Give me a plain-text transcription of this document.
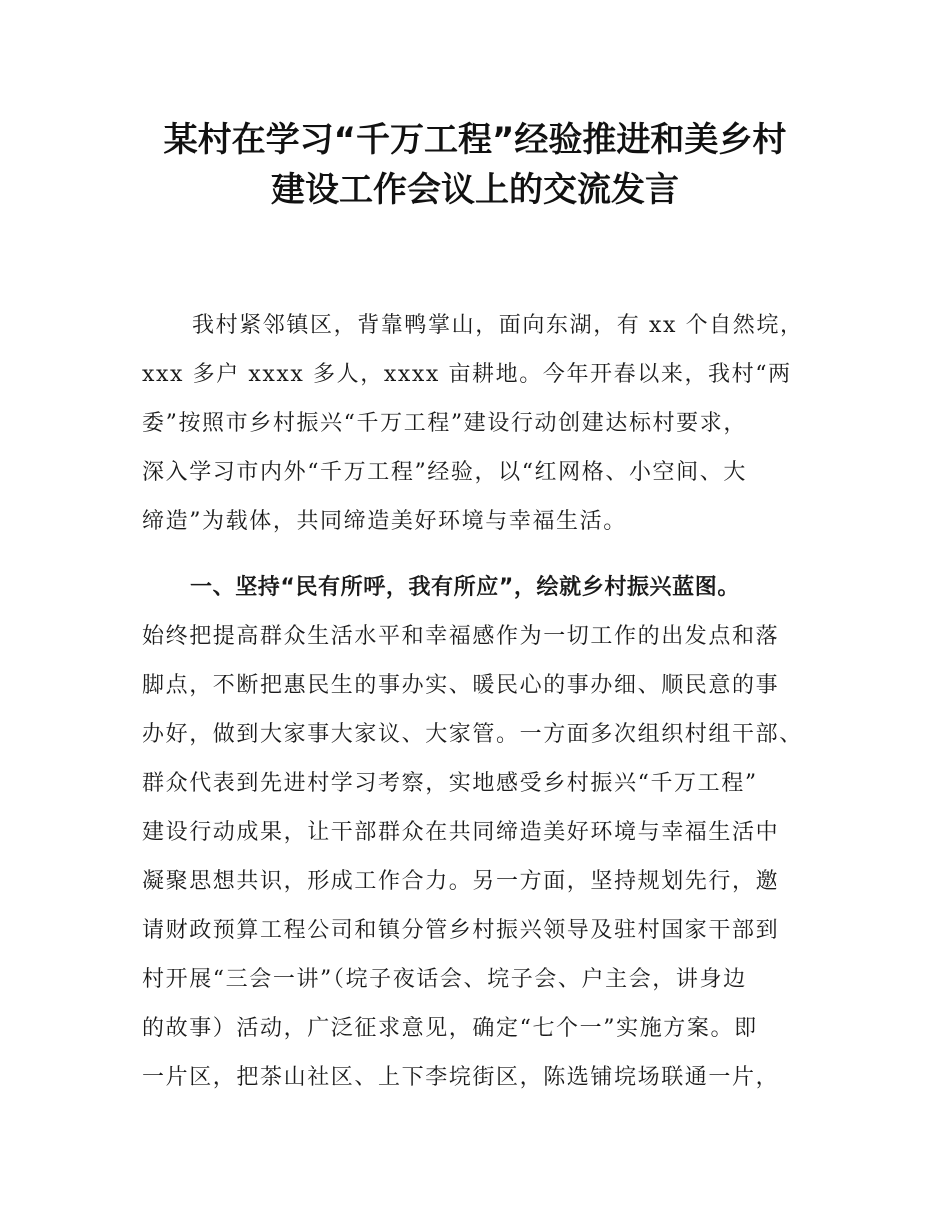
某村在学习“千万工程”经验推进和美乡村
建设工作会议上的交流发言
我村紧邻镇区，背靠鸭掌山，面向东湖，有 xx 个自然垸，
xxx 多户 xxxx 多人，xxxx 亩耕地。今年开春以来，我村“两
委”按照市乡村振兴“千万工程”建设行动创建达标村要求，
深入学习市内外“千万工程”经验，以“红网格、小空间、大
缔造”为载体，共同缔造美好环境与幸福生活。
一、坚持“民有所呼，我有所应”，绘就乡村振兴蓝图。
始终把提高群众生活水平和幸福感作为一切工作的出发点和落
脚点，不断把惠民生的事办实、暖民心的事办细、顺民意的事
办好，做到大家事大家议、大家管。一方面多次组织村组干部、
群众代表到先进村学习考察，实地感受乡村振兴“千万工程”
建设行动成果，让干部群众在共同缔造美好环境与幸福生活中
凝聚思想共识，形成工作合力。另一方面，坚持规划先行，邀
请财政预算工程公司和镇分管乡村振兴领导及驻村国家干部到
村开展“三会一讲”（垸子夜话会、垸子会、户主会，讲身边
的故事）活动，广泛征求意见，确定“七个一”实施方案。即
一片区，把茶山社区、上下李垸街区，陈选铺垸场联通一片，
